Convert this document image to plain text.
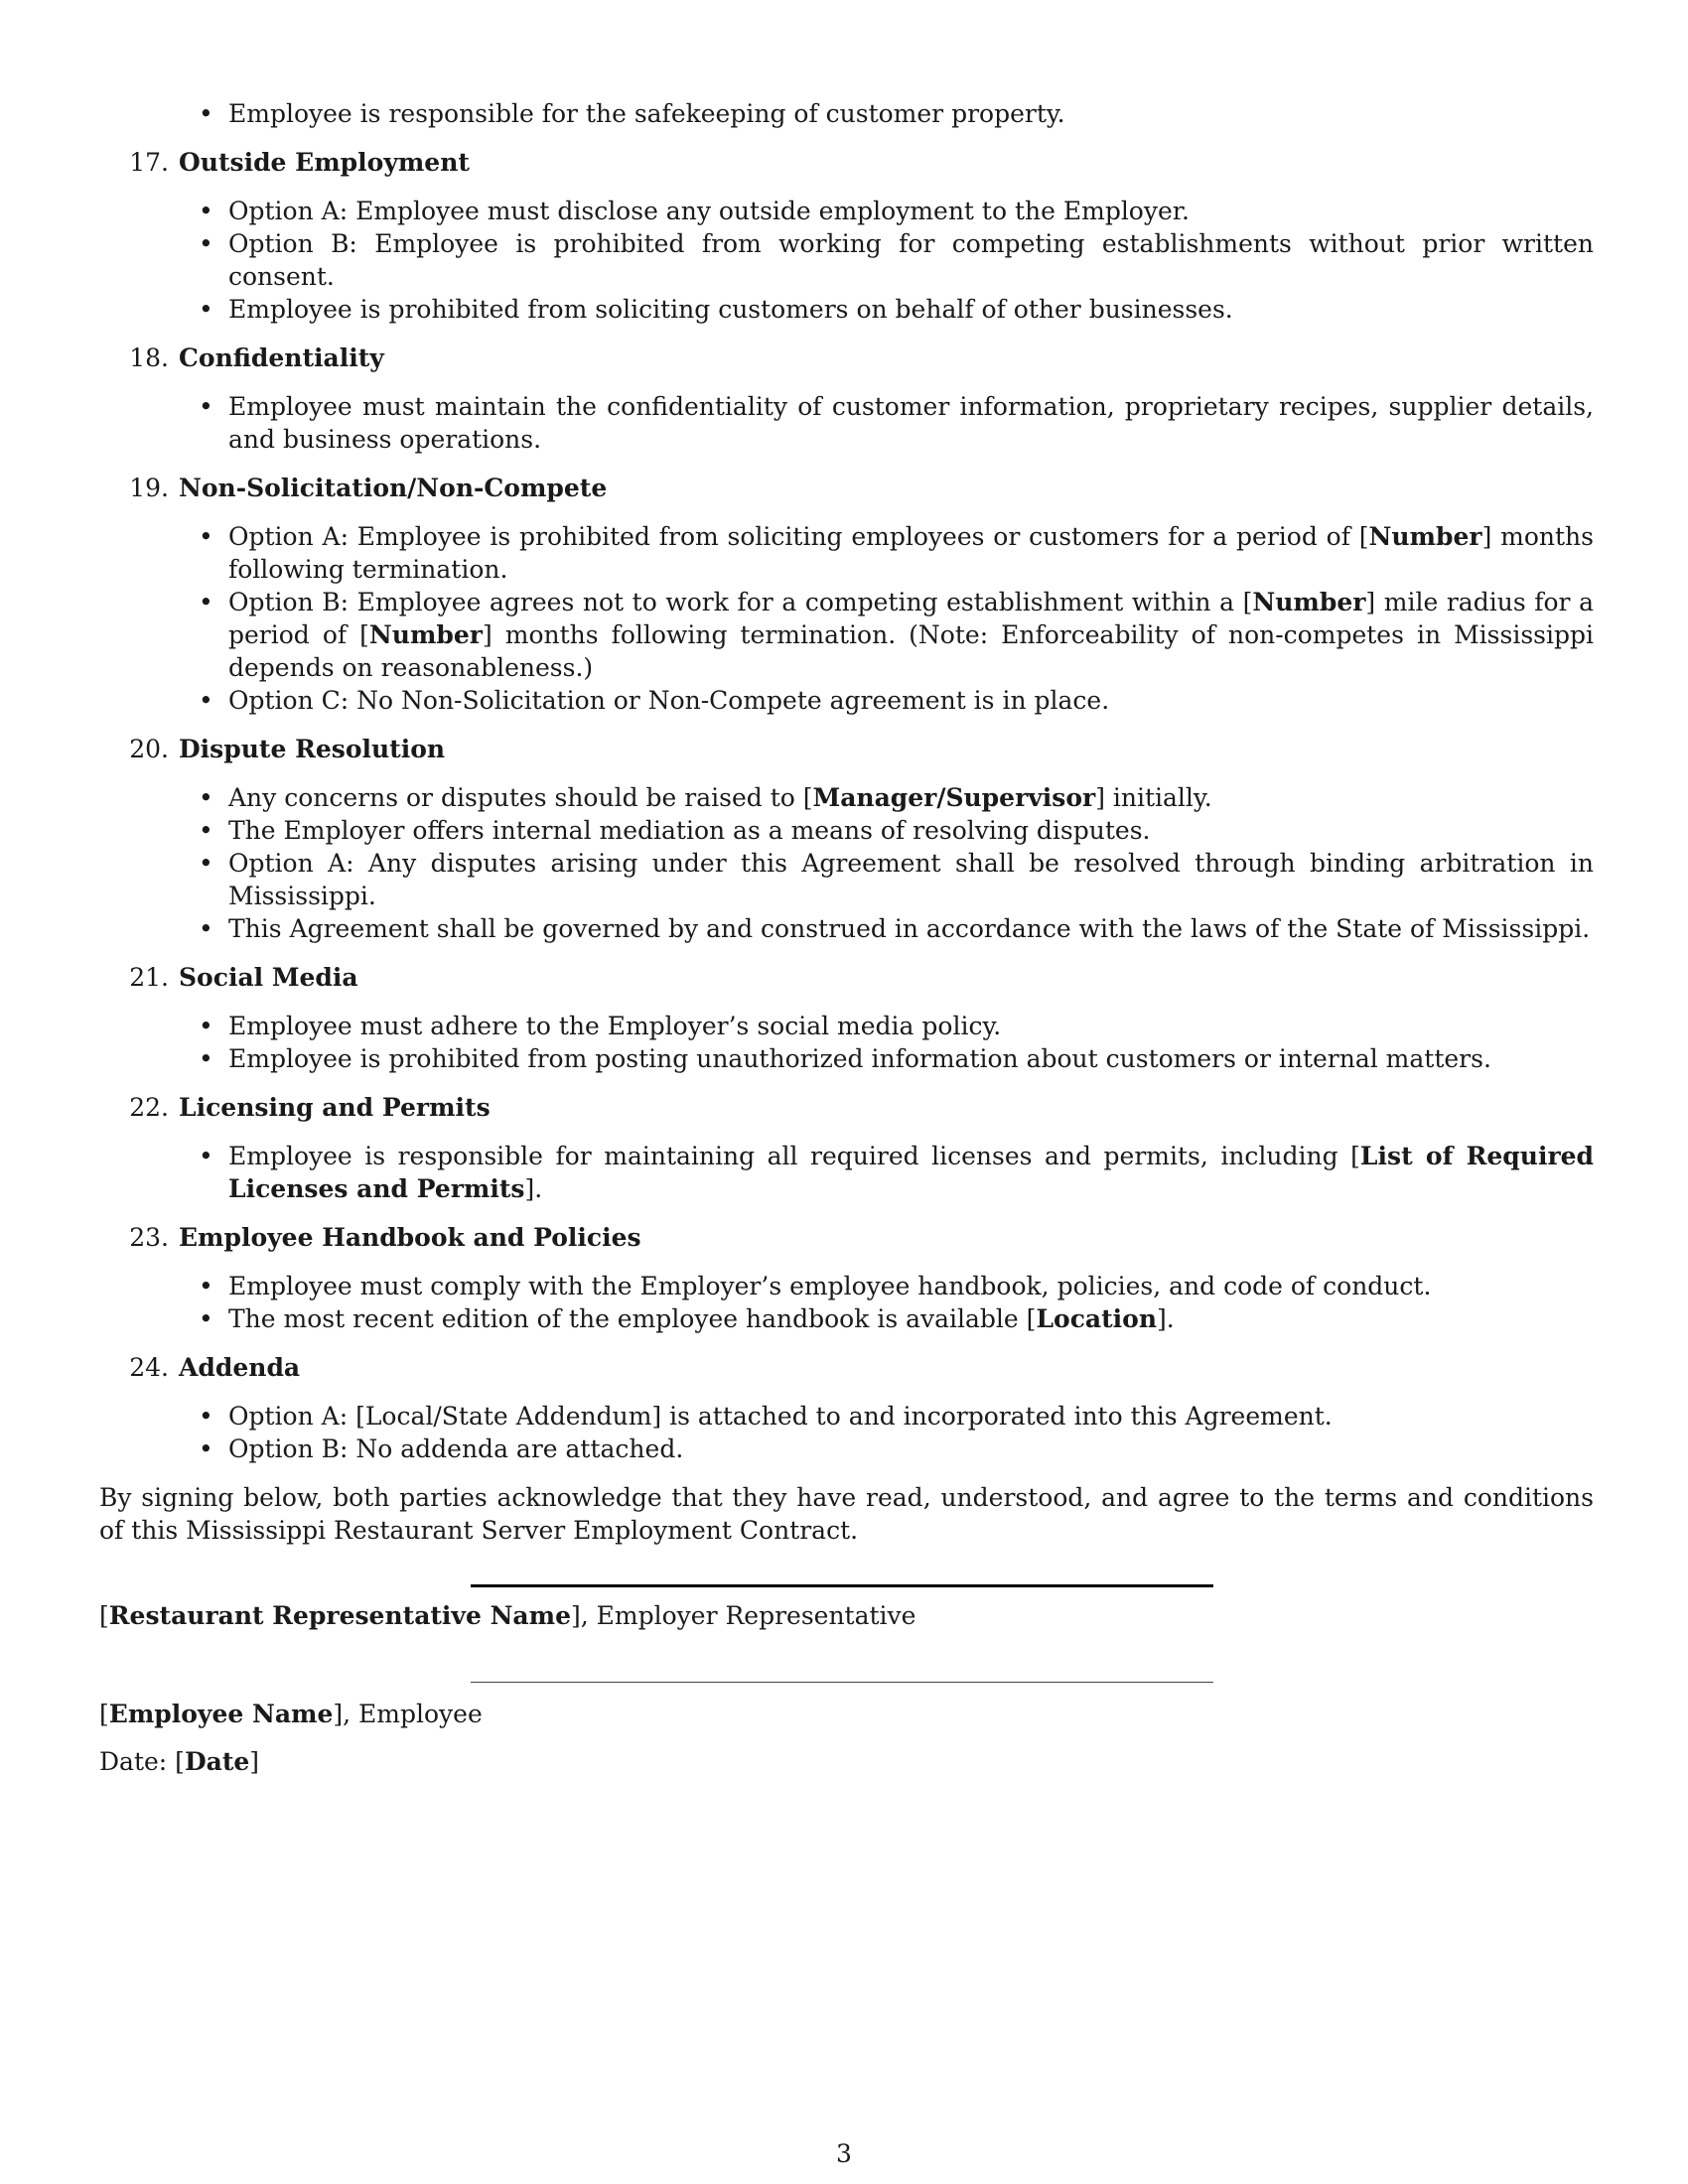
• Employee is responsible for the safekeeping of customer property.
17. Outside Employment
• Option A: Employee must disclose any outside employment to the Employer.
• Option B: Employee is prohibited from working for competing establishments without prior written consent.
• Employee is prohibited from soliciting customers on behalf of other businesses.
18. Confidentiality
• Employee must maintain the confidentiality of customer information, proprietary recipes, supplier details, and business operations.
19. Non-Solicitation/Non-Compete
• Option A: Employee is prohibited from soliciting employees or customers for a period of [Number] months following termination.
• Option B: Employee agrees not to work for a competing establishment within a [Number] mile radius for a period of [Number] months following termination. (Note: Enforceability of non-competes in Mississippi depends on reasonableness.)
• Option C: No Non-Solicitation or Non-Compete agreement is in place.
20. Dispute Resolution
• Any concerns or disputes should be raised to [Manager/Supervisor] initially.
• The Employer offers internal mediation as a means of resolving disputes.
• Option A: Any disputes arising under this Agreement shall be resolved through binding arbitration in Mississippi.
• This Agreement shall be governed by and construed in accordance with the laws of the State of Mississippi.
21. Social Media
• Employee must adhere to the Employer’s social media policy.
• Employee is prohibited from posting unauthorized information about customers or internal matters.
22. Licensing and Permits
• Employee is responsible for maintaining all required licenses and permits, including [List of Required Licenses and Permits].
23. Employee Handbook and Policies
• Employee must comply with the Employer’s employee handbook, policies, and code of conduct.
• The most recent edition of the employee handbook is available [Location].
24. Addenda
• Option A: [Local/State Addendum] is attached to and incorporated into this Agreement.
• Option B: No addenda are attached.

By signing below, both parties acknowledge that they have read, understood, and agree to the terms and conditions of this Mississippi Restaurant Server Employment Contract.

[Restaurant Representative Name], Employer Representative
[Employee Name], Employee
Date: [Date]
3
